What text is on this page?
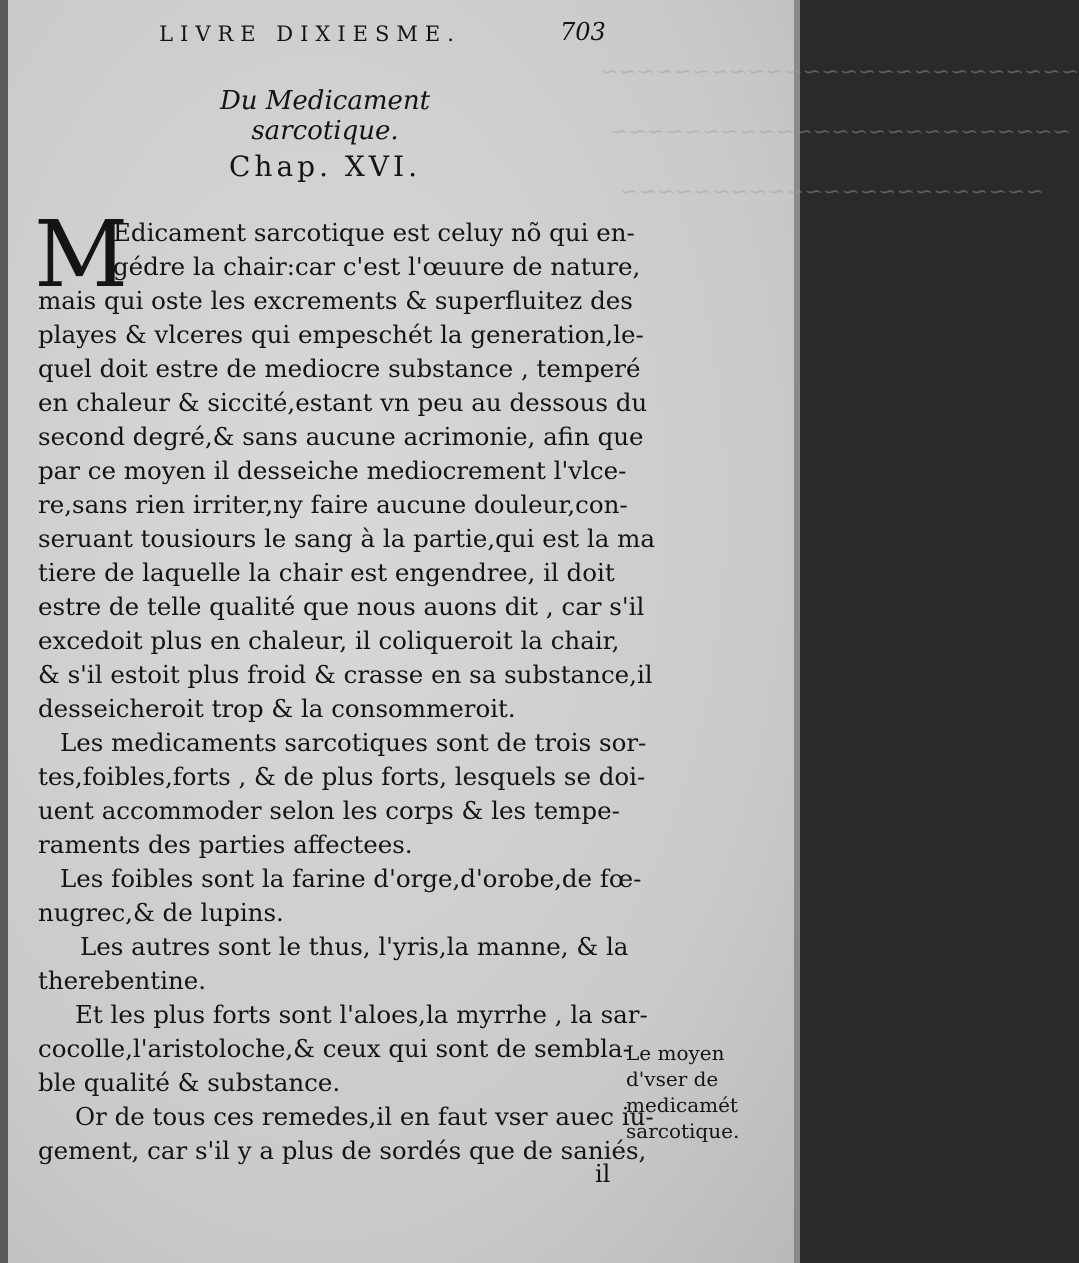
~~~~~~~~~~~~~~~~~~~~~~~~~~
~~~~~~~~~~~~~~~~~~~~~~~~~
~~~~~~~~~~~~~~~~~~~~~~~
LIVRE DIXIESME.	703
Du Medicament sarcotique.
Chap. XVI.
M
Edicament sarcotique est celuy nõ qui en-
gédre la chair:car c'est l'œuure de nature,
mais qui oste les excrements & superfluitez des
playes & vlceres qui empeschét la generation,le-
quel doit estre de mediocre substance , temperé
en chaleur & siccité,estant vn peu au dessous du
second degré,& sans aucune acrimonie, afin que
par ce moyen il desseiche mediocrement l'vlce-
re,sans rien irriter,ny faire aucune douleur,con-
seruant tousiours le sang à la partie,qui est la ma
tiere de laquelle la chair est engendree, il doit
estre de telle qualité que nous auons dit , car s'il
excedoit plus en chaleur, il coliqueroit la chair,
& s'il estoit plus froid & crasse en sa substance,il
desseicheroit trop & la consommeroit.
Les medicaments sarcotiques sont de trois sor-
tes,foibles,forts , & de plus forts, lesquels se doi-
uent accommoder selon les corps & les tempe-
raments des parties affectees.
Les foibles sont la farine d'orge,d'orobe,de fœ-
nugrec,& de lupins.
Les autres sont le thus, l'yris,la manne, & la
therebentine.
Et les plus forts sont l'aloes,la myrrhe , la sar-
cocolle,l'aristoloche,& ceux qui sont de sembla-
ble qualité & substance.
Or de tous ces remedes,il en faut vser auec iu-
gement, car s'il y a plus de sordés que de saniés,
Le moyen
d'vser de
medicamét
sarcotique.
il
